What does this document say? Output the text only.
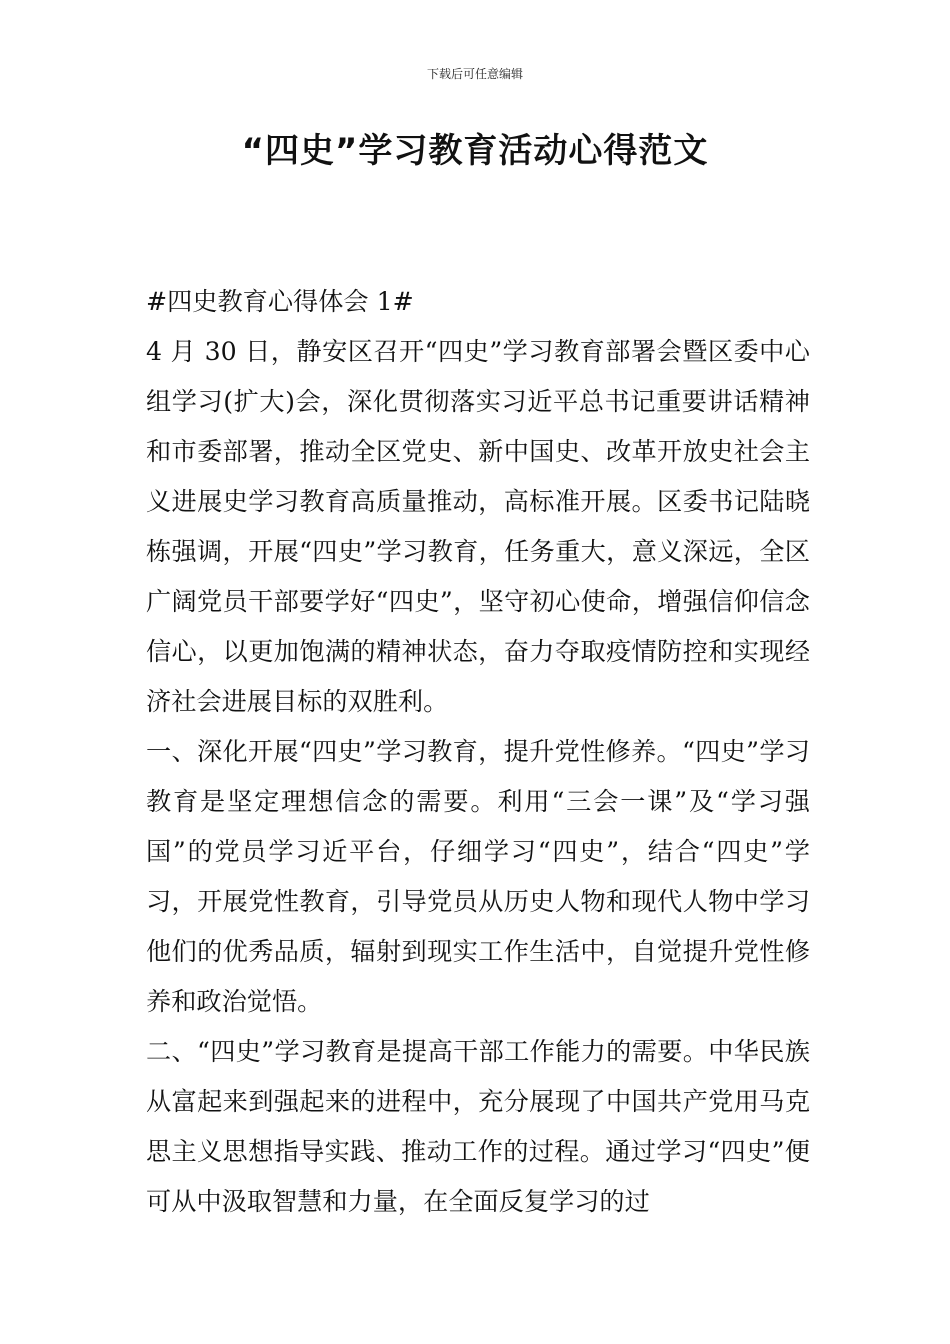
下载后可任意编辑
“四史”学习教育活动心得范文

#四史教育心得体会 1#

4 月 30 日，静安区召开“四史”学习教育部署会暨区委中心组学习(扩大)会，深化贯彻落实习近平总书记重要讲话精神和市委部署，推动全区党史、新中国史、改革开放史社会主义进展史学习教育高质量推动，高标准开展。区委书记陆晓栋强调，开展“四史”学习教育，任务重大，意义深远，全区广阔党员干部要学好“四史”，坚守初心使命，增强信仰信念信心，以更加饱满的精神状态，奋力夺取疫情防控和实现经济社会进展目标的双胜利。

一、深化开展“四史”学习教育，提升党性修养。“四史”学习教育是坚定理想信念的需要。利用“三会一课”及“学习强国”的党员学习近平台，仔细学习“四史”，结合“四史”学习，开展党性教育，引导党员从历史人物和现代人物中学习他们的优秀品质，辐射到现实工作生活中，自觉提升党性修养和政治觉悟。

二、“四史”学习教育是提高干部工作能力的需要。中华民族从富起来到强起来的进程中，充分展现了中国共产党用马克思主义思想指导实践、推动工作的过程。通过学习“四史”便可从中汲取智慧和力量，在全面反复学习的过
